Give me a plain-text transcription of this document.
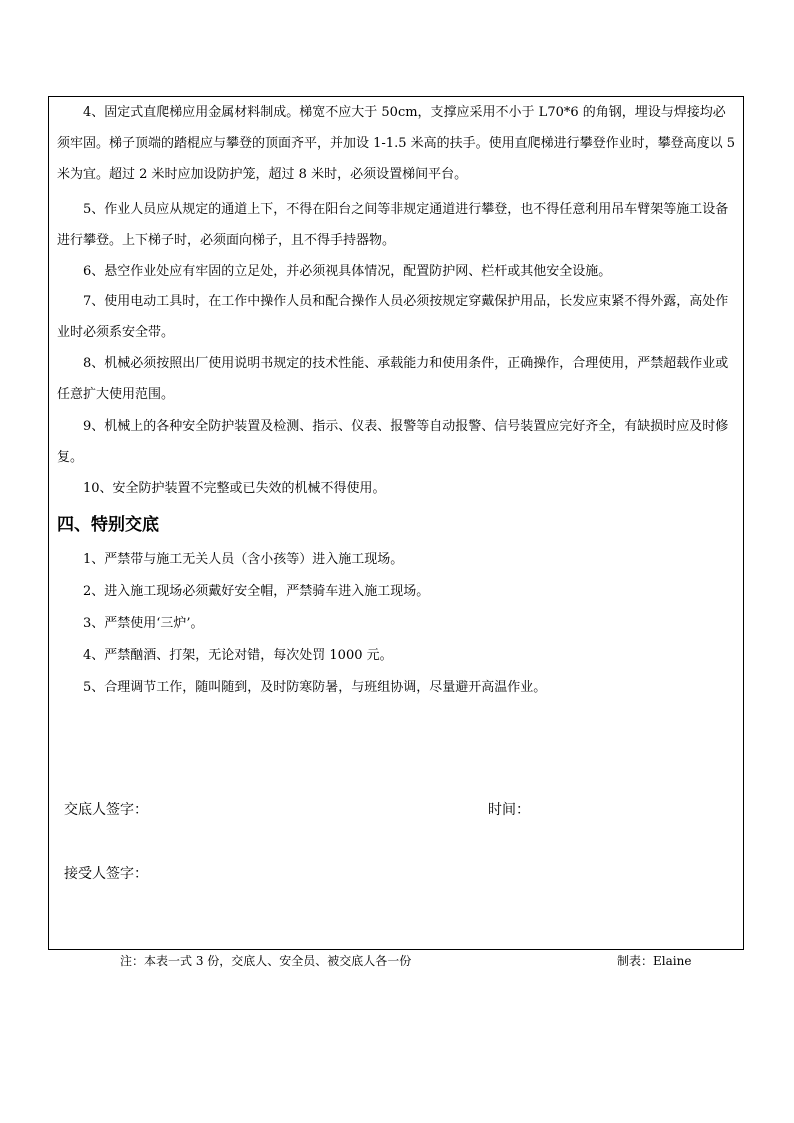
4、固定式直爬梯应用金属材料制成。梯宽不应大于 50cm，支撑应采用不小于 L70*6 的角钢，埋设与焊接均必须牢固。梯子顶端的踏棍应与攀登的顶面齐平，并加设 1-1.5 米高的扶手。使用直爬梯进行攀登作业时，攀登高度以 5 米为宜。超过 2 米时应加设防护笼，超过 8 米时，必须设置梯间平台。

5、作业人员应从规定的通道上下，不得在阳台之间等非规定通道进行攀登，也不得任意利用吊车臂架等施工设备进行攀登。上下梯子时，必须面向梯子，且不得手持器物。

6、悬空作业处应有牢固的立足处，并必须视具体情况，配置防护网、栏杆或其他安全设施。

7、使用电动工具时，在工作中操作人员和配合操作人员必须按规定穿戴保护用品，长发应束紧不得外露，高处作业时必须系安全带。

8、机械必须按照出厂使用说明书规定的技术性能、承载能力和使用条件，正确操作，合理使用，严禁超载作业或任意扩大使用范围。

9、机械上的各种安全防护装置及检测、指示、仪表、报警等自动报警、信号装置应完好齐全，有缺损时应及时修复。

10、安全防护装置不完整或已失效的机械不得使用。

四、特别交底

1、严禁带与施工无关人员（含小孩等）进入施工现场。

2、进入施工现场必须戴好安全帽，严禁骑车进入施工现场。

3、严禁使用‘三炉’。

4、严禁酗酒、打架，无论对错，每次处罚 1000 元。

5、合理调节工作，随叫随到，及时防寒防暑，与班组协调，尽量避开高温作业。

交底人签字：	时间：
接受人签字：
注：本表一式 3 份，交底人、安全员、被交底人各一份	制表：Elaine
